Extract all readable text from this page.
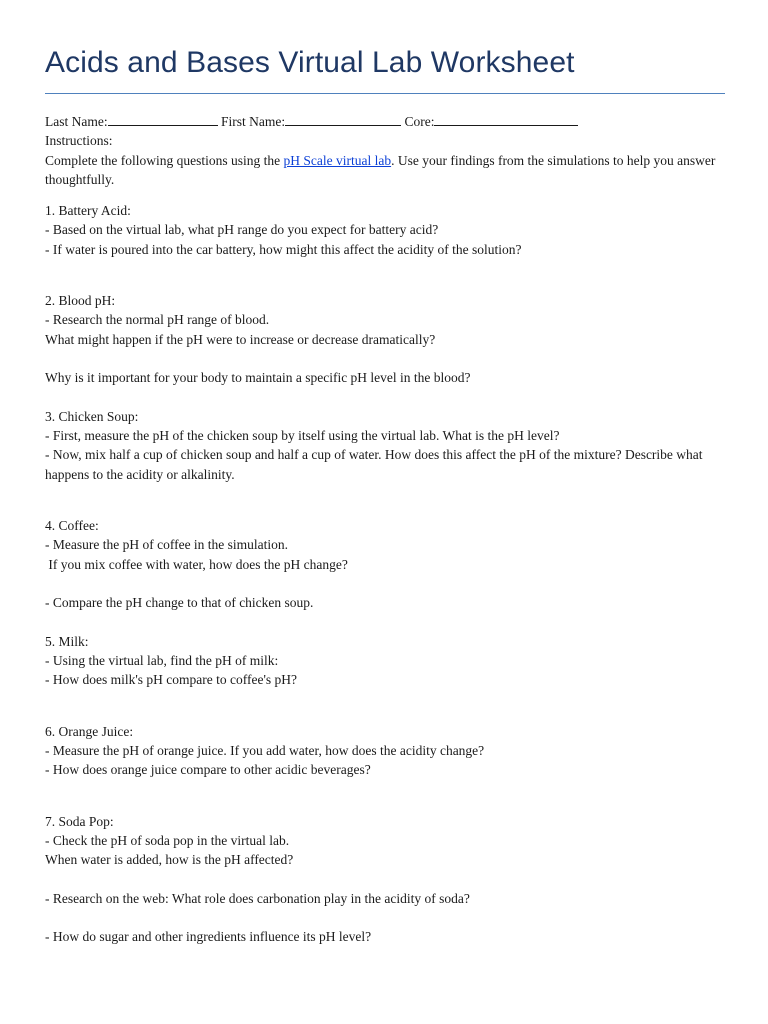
Acids and Bases Virtual Lab Worksheet
Last Name:	First Name:	Core:
Instructions:
Complete the following questions using the pH Scale virtual lab. Use your findings from the simulations to help you answer thoughtfully.
1. Battery Acid:
- Based on the virtual lab, what pH range do you expect for battery acid?
- If water is poured into the car battery, how might this affect the acidity of the solution?
2. Blood pH:
- Research the normal pH range of blood.
What might happen if the pH were to increase or decrease dramatically?
Why is it important for your body to maintain a specific pH level in the blood?
3. Chicken Soup:
- First, measure the pH of the chicken soup by itself using the virtual lab. What is the pH level?
- Now, mix half a cup of chicken soup and half a cup of water. How does this affect the pH of the mixture? Describe what happens to the acidity or alkalinity.
4. Coffee:
- Measure the pH of coffee in the simulation.
If you mix coffee with water, how does the pH change?
- Compare the pH change to that of chicken soup.
5. Milk:
- Using the virtual lab, find the pH of milk:
- How does milk's pH compare to coffee's pH?
6. Orange Juice:
- Measure the pH of orange juice. If you add water, how does the acidity change?
- How does orange juice compare to other acidic beverages?
7. Soda Pop:
- Check the pH of soda pop in the virtual lab.
When water is added, how is the pH affected?
- Research on the web: What role does carbonation play in the acidity of soda?
- How do sugar and other ingredients influence its pH level?
